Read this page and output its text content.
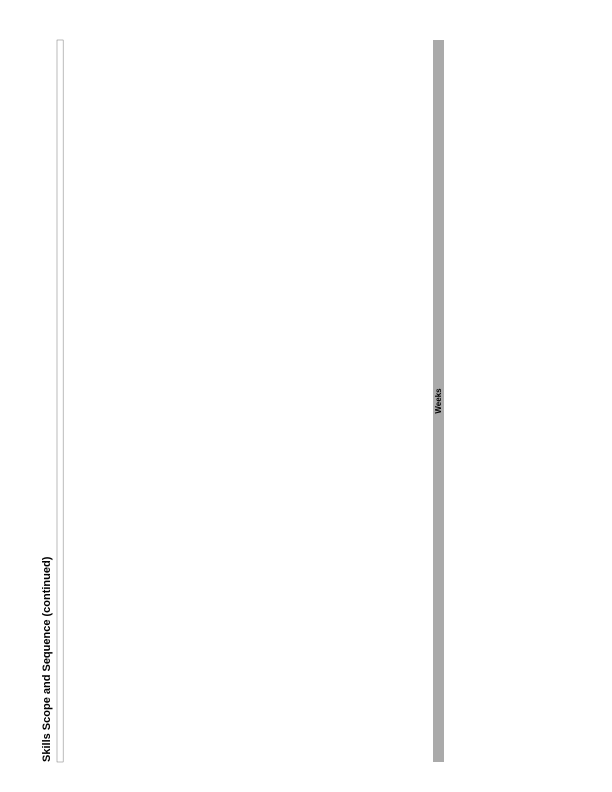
Skills Scope and Sequence (continued)
Weeks
